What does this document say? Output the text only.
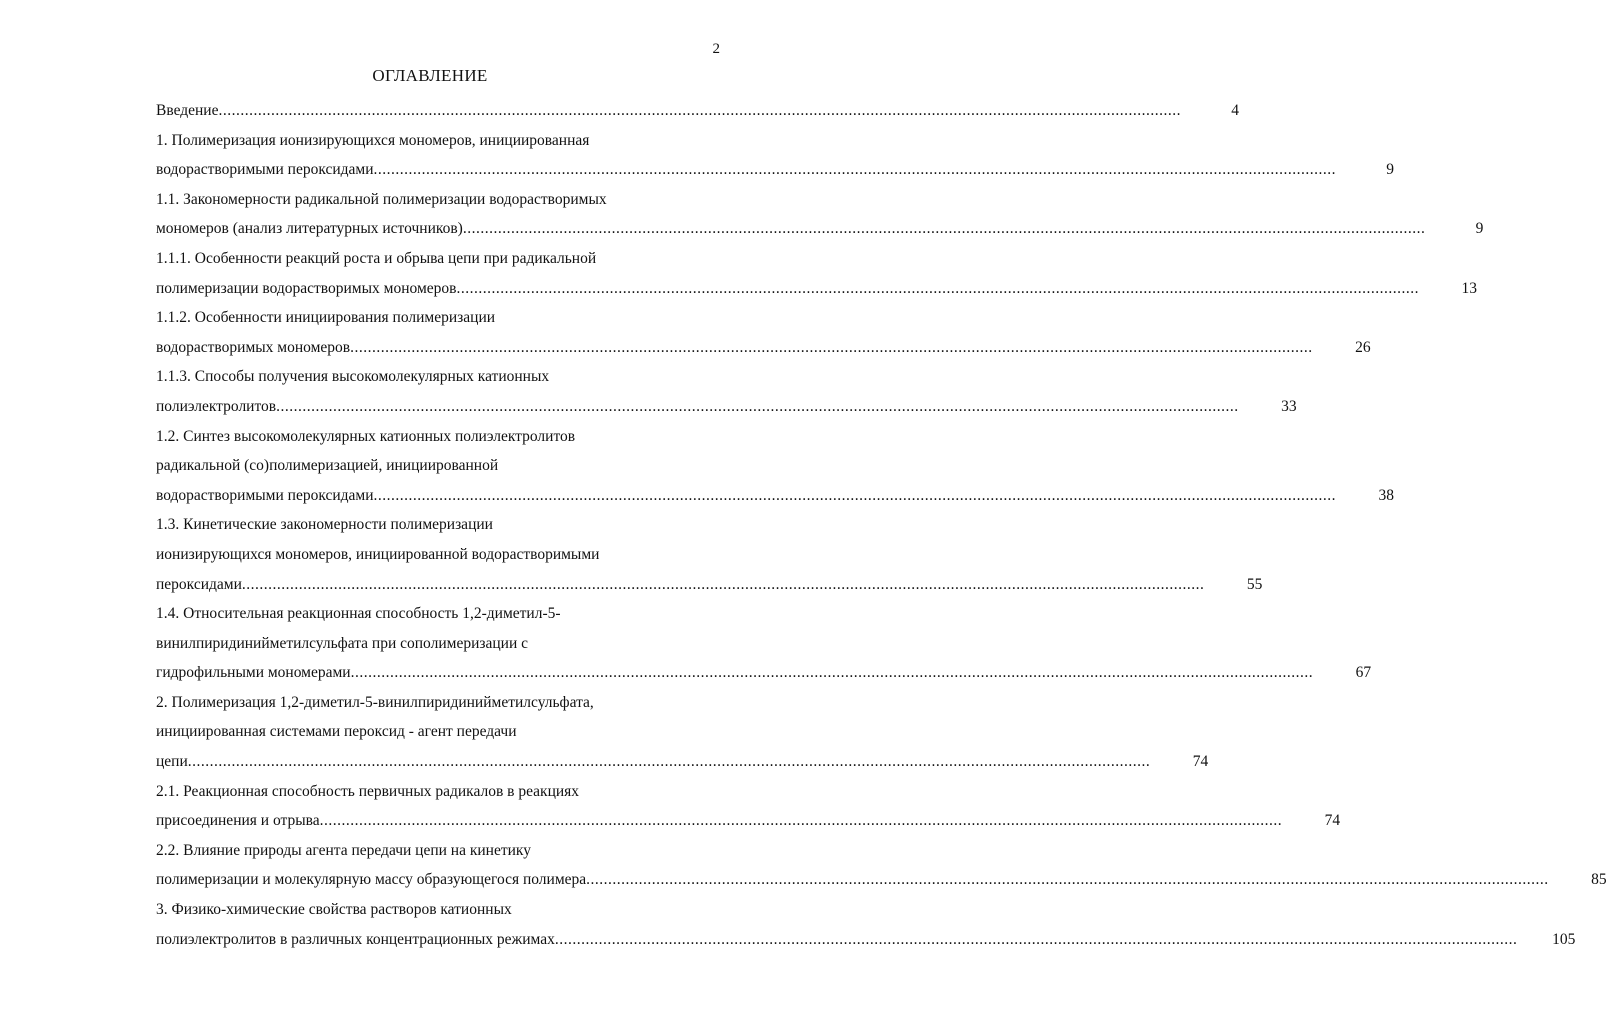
2
ОГЛАВЛЕНИЕ
Введение ............................................................................................................................................................................................................................	4
1. Полимеризация ионизирующихся мономеров, инициированная
водорастворимыми пероксидами ............................................................................................................................................................................................................................	9
1.1. Закономерности радикальной полимеризации водорастворимых
мономеров (анализ литературных источников) ............................................................................................................................................................................................................................	9
1.1.1. Особенности реакций роста и обрыва цепи при радикальной
полимеризации водорастворимых мономеров ............................................................................................................................................................................................................................	13
1.1.2. Особенности инициирования полимеризации
водорастворимых мономеров ............................................................................................................................................................................................................................	26
1.1.3. Способы получения высокомолекулярных катионных
полиэлектролитов ............................................................................................................................................................................................................................	33
1.2. Синтез высокомолекулярных катионных полиэлектролитов
радикальной (со)полимеризацией, инициированной
водорастворимыми пероксидами ............................................................................................................................................................................................................................	38
1.3. Кинетические закономерности полимеризации
ионизирующихся мономеров, инициированной водорастворимыми
пероксидами ............................................................................................................................................................................................................................	55
1.4. Относительная реакционная способность 1,2-диметил-5-
винилпиридинийметилсульфата при сополимеризации с
гидрофильными мономерами ............................................................................................................................................................................................................................	67
2. Полимеризация 1,2-диметил-5-винилпиридинийметилсульфата,
инициированная системами пероксид - агент передачи
цепи ............................................................................................................................................................................................................................	74
2.1. Реакционная способность первичных радикалов в реакциях
присоединения и отрыва ............................................................................................................................................................................................................................	74
2.2. Влияние природы агента передачи цепи на кинетику
полимеризации и молекулярную массу образующегося полимера ............................................................................................................................................................................................................................	85
3. Физико-химические свойства растворов катионных
полиэлектролитов в различных концентрационных режимах ............................................................................................................................................................................................................................	105
